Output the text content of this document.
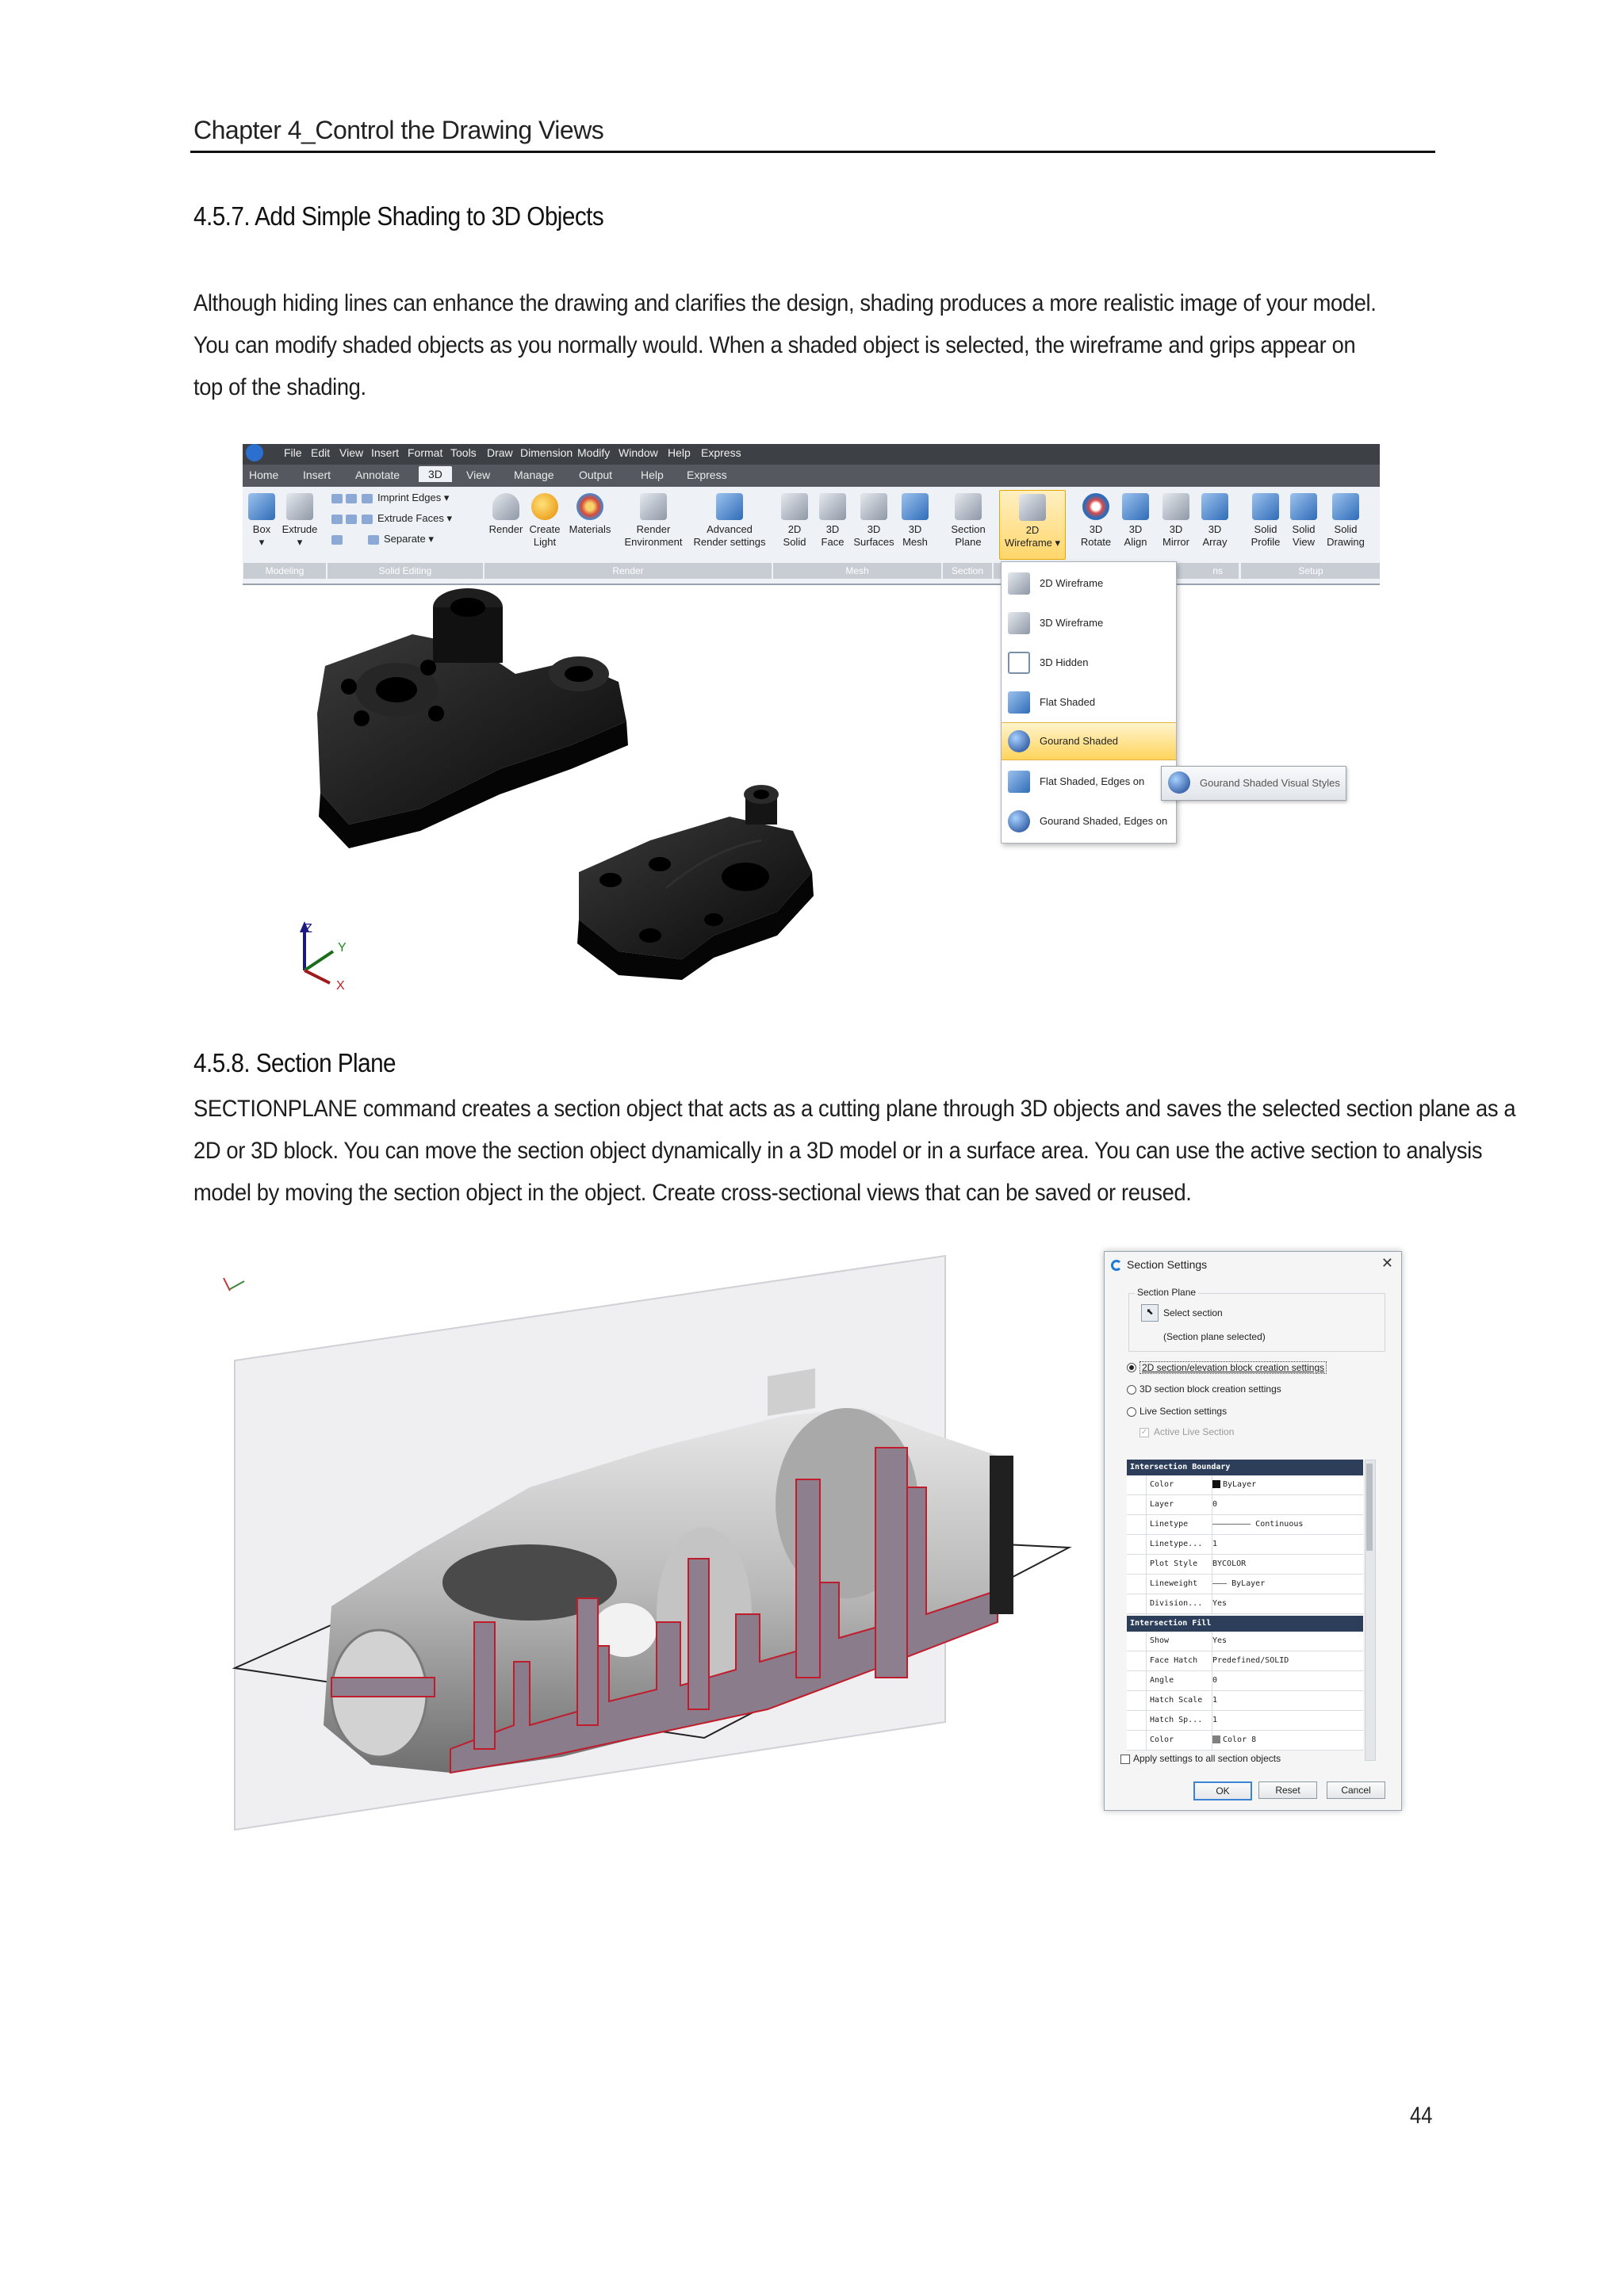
Chapter 4_Control the Drawing Views
4.5.7. Add Simple Shading to 3D Objects
Although hiding lines can enhance the drawing and clarifies the design, shading produces a more realistic image of your model.
You can modify shaded objects as you normally would. When a shaded object is selected, the wireframe and grips appear on
top of the shading.
File Edit View Insert Format Tools Draw Dimension Modify Window Help Express
Home Insert Annotate	3D	View Manage Output	Help Express
Box
▾
Extrude
▾
Imprint Edges ▾
Extrude Faces ▾
Separate ▾
Render Create
Light
Materials	Render
Environment
Advanced
Render settings
2D
Solid
3D
Face
3D
Surfaces
3D
Mesh
Section
Plane
2D
Wireframe ▾
3D
Rotate
3D
Align
3D
Mirror
3D
Array
Solid
Profile
Solid
View
Solid
Drawing
Modeling	Solid Editing	Render	Mesh	Section	ns	Setup
Z
Y
X
2D Wireframe
3D Wireframe
3D Hidden
Flat Shaded
Gourand Shaded
Flat Shaded, Edges on
Gourand Shaded, Edges on
Gourand Shaded Visual Styles
4.5.8. Section Plane
SECTIONPLANE command creates a section object that acts as a cutting plane through 3D objects and saves the selected section plane as a
2D or 3D block. You can move the section object dynamically in a 3D model or in a surface area. You can use the active section to analysis
model by moving the section object in the object. Create cross-sectional views that can be saved or reused.
Section Settings	✕
Section Plane
⬉	Select section
(Section plane selected)
2D section/elevation block creation settings
3D section block creation settings
Live Section settings
✓ Active Live Section
Intersection Boundary
Color	ByLayer
Layer	0
Linetype	———————— Continuous
Linetype...	1
Plot Style	BYCOLOR
Lineweight	——— ByLayer
Division...	Yes
Intersection Fill
Show	Yes
Face Hatch	Predefined/SOLID
Angle	0
Hatch Scale	1
Hatch Sp...	1
Color	Color 8
Apply settings to all section objects
OK	Reset	Cancel
44
